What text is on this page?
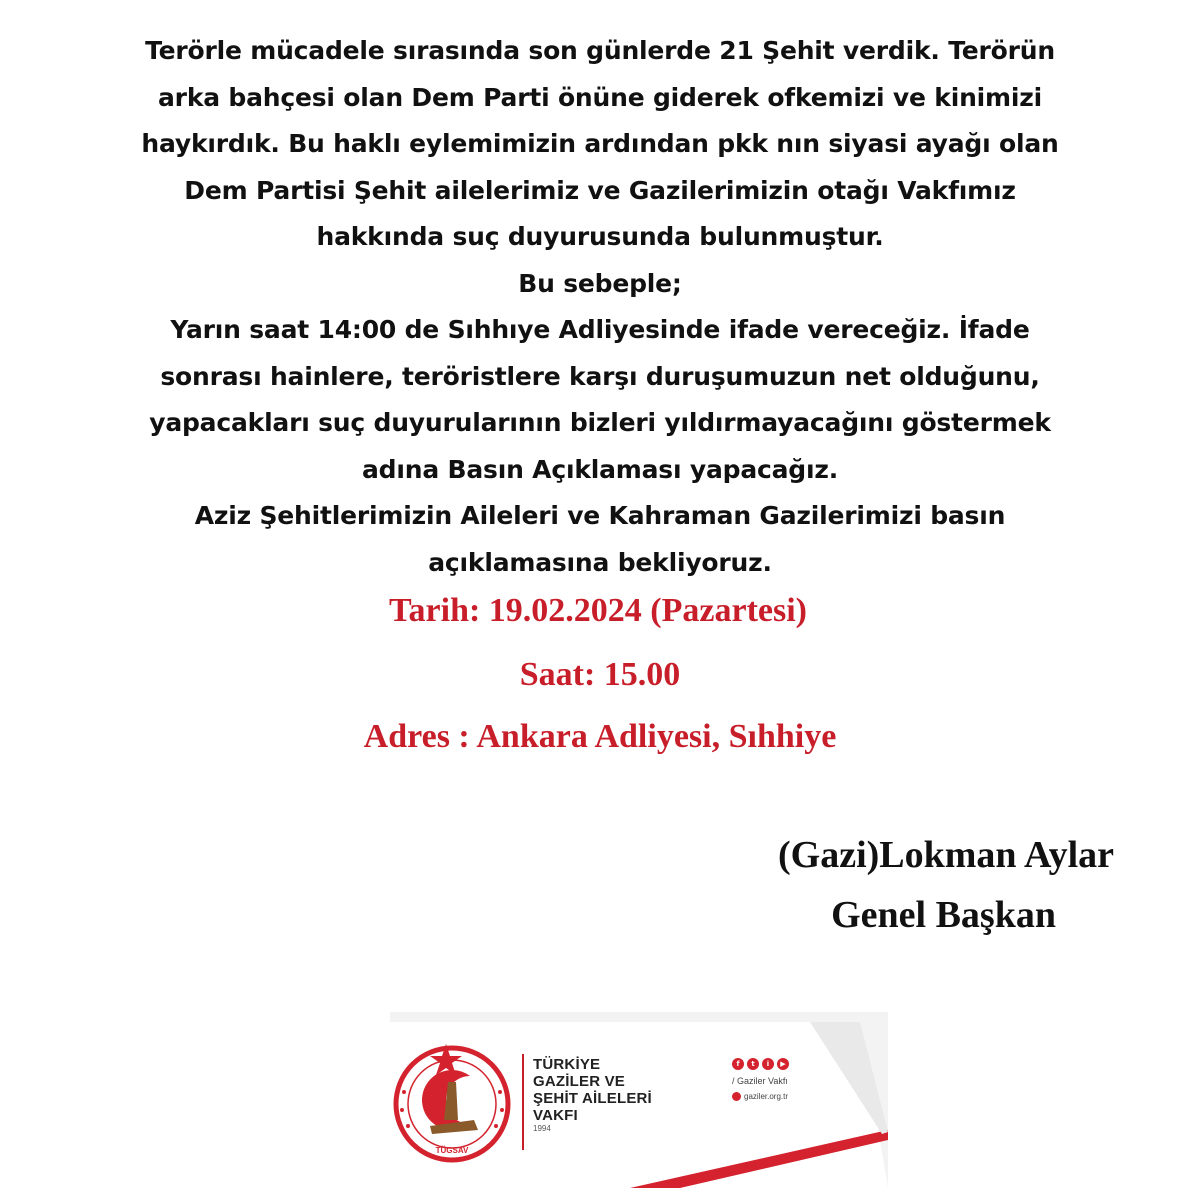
Terörle mücadele sırasında son günlerde 21 Şehit verdik. Terörün
arka bahçesi olan Dem Parti önüne giderek ofkemizi ve kinimizi
haykırdık. Bu haklı eylemimizin ardından pkk nın siyasi ayağı olan
Dem Partisi Şehit ailelerimiz ve Gazilerimizin otağı Vakfımız
hakkında suç duyurusunda bulunmuştur.
Bu sebeple;
Yarın saat 14:00 de Sıhhıye Adliyesinde ifade vereceğiz. İfade
sonrası hainlere, teröristlere karşı duruşumuzun net olduğunu,
yapacakları suç duyurularının bizleri yıldırmayacağını göstermek
adına Basın Açıklaması yapacağız.
Aziz Şehitlerimizin Aileleri ve Kahraman Gazilerimizi basın
açıklamasına bekliyoruz.
Tarih: 19.02.2024 (Pazartesi)
Saat: 15.00
Adres : Ankara Adliyesi, Sıhhiye
(Gazi)Lokman Aylar
Genel Başkan
TÜGSAV
1994
TÜRKİYE
GAZİLER VE
ŞEHİT AİLELERİ
VAKFI
1994
f	t	i	▶
/ Gaziler Vakfı
gaziler.org.tr
